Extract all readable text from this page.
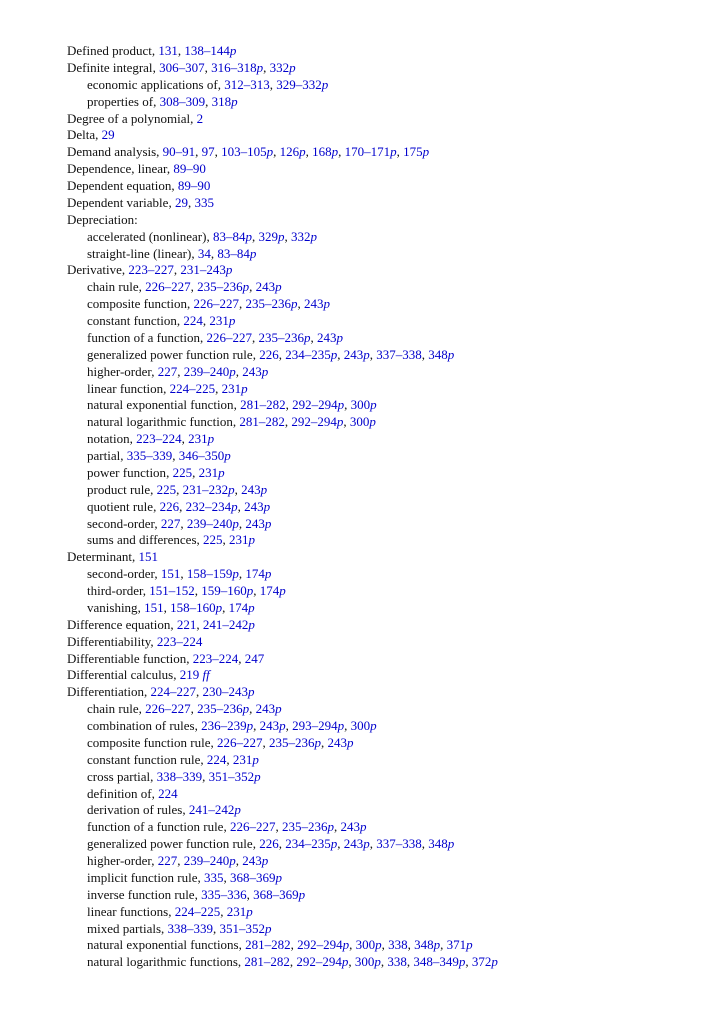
Defined product, 131, 138–144p
Definite integral, 306–307, 316–318p, 332p
economic applications of, 312–313, 329–332p
properties of, 308–309, 318p
Degree of a polynomial, 2
Delta, 29
Demand analysis, 90–91, 97, 103–105p, 126p, 168p, 170–171p, 175p
Dependence, linear, 89–90
Dependent equation, 89–90
Dependent variable, 29, 335
Depreciation:
accelerated (nonlinear), 83–84p, 329p, 332p
straight-line (linear), 34, 83–84p
Derivative, 223–227, 231–243p
chain rule, 226–227, 235–236p, 243p
composite function, 226–227, 235–236p, 243p
constant function, 224, 231p
function of a function, 226–227, 235–236p, 243p
generalized power function rule, 226, 234–235p, 243p, 337–338, 348p
higher-order, 227, 239–240p, 243p
linear function, 224–225, 231p
natural exponential function, 281–282, 292–294p, 300p
natural logarithmic function, 281–282, 292–294p, 300p
notation, 223–224, 231p
partial, 335–339, 346–350p
power function, 225, 231p
product rule, 225, 231–232p, 243p
quotient rule, 226, 232–234p, 243p
second-order, 227, 239–240p, 243p
sums and differences, 225, 231p
Determinant, 151
second-order, 151, 158–159p, 174p
third-order, 151–152, 159–160p, 174p
vanishing, 151, 158–160p, 174p
Difference equation, 221, 241–242p
Differentiability, 223–224
Differentiable function, 223–224, 247
Differential calculus, 219 ff
Differentiation, 224–227, 230–243p
chain rule, 226–227, 235–236p, 243p
combination of rules, 236–239p, 243p, 293–294p, 300p
composite function rule, 226–227, 235–236p, 243p
constant function rule, 224, 231p
cross partial, 338–339, 351–352p
definition of, 224
derivation of rules, 241–242p
function of a function rule, 226–227, 235–236p, 243p
generalized power function rule, 226, 234–235p, 243p, 337–338, 348p
higher-order, 227, 239–240p, 243p
implicit function rule, 335, 368–369p
inverse function rule, 335–336, 368–369p
linear functions, 224–225, 231p
mixed partials, 338–339, 351–352p
natural exponential functions, 281–282, 292–294p, 300p, 338, 348p, 371p
natural logarithmic functions, 281–282, 292–294p, 300p, 338, 348–349p, 372p
